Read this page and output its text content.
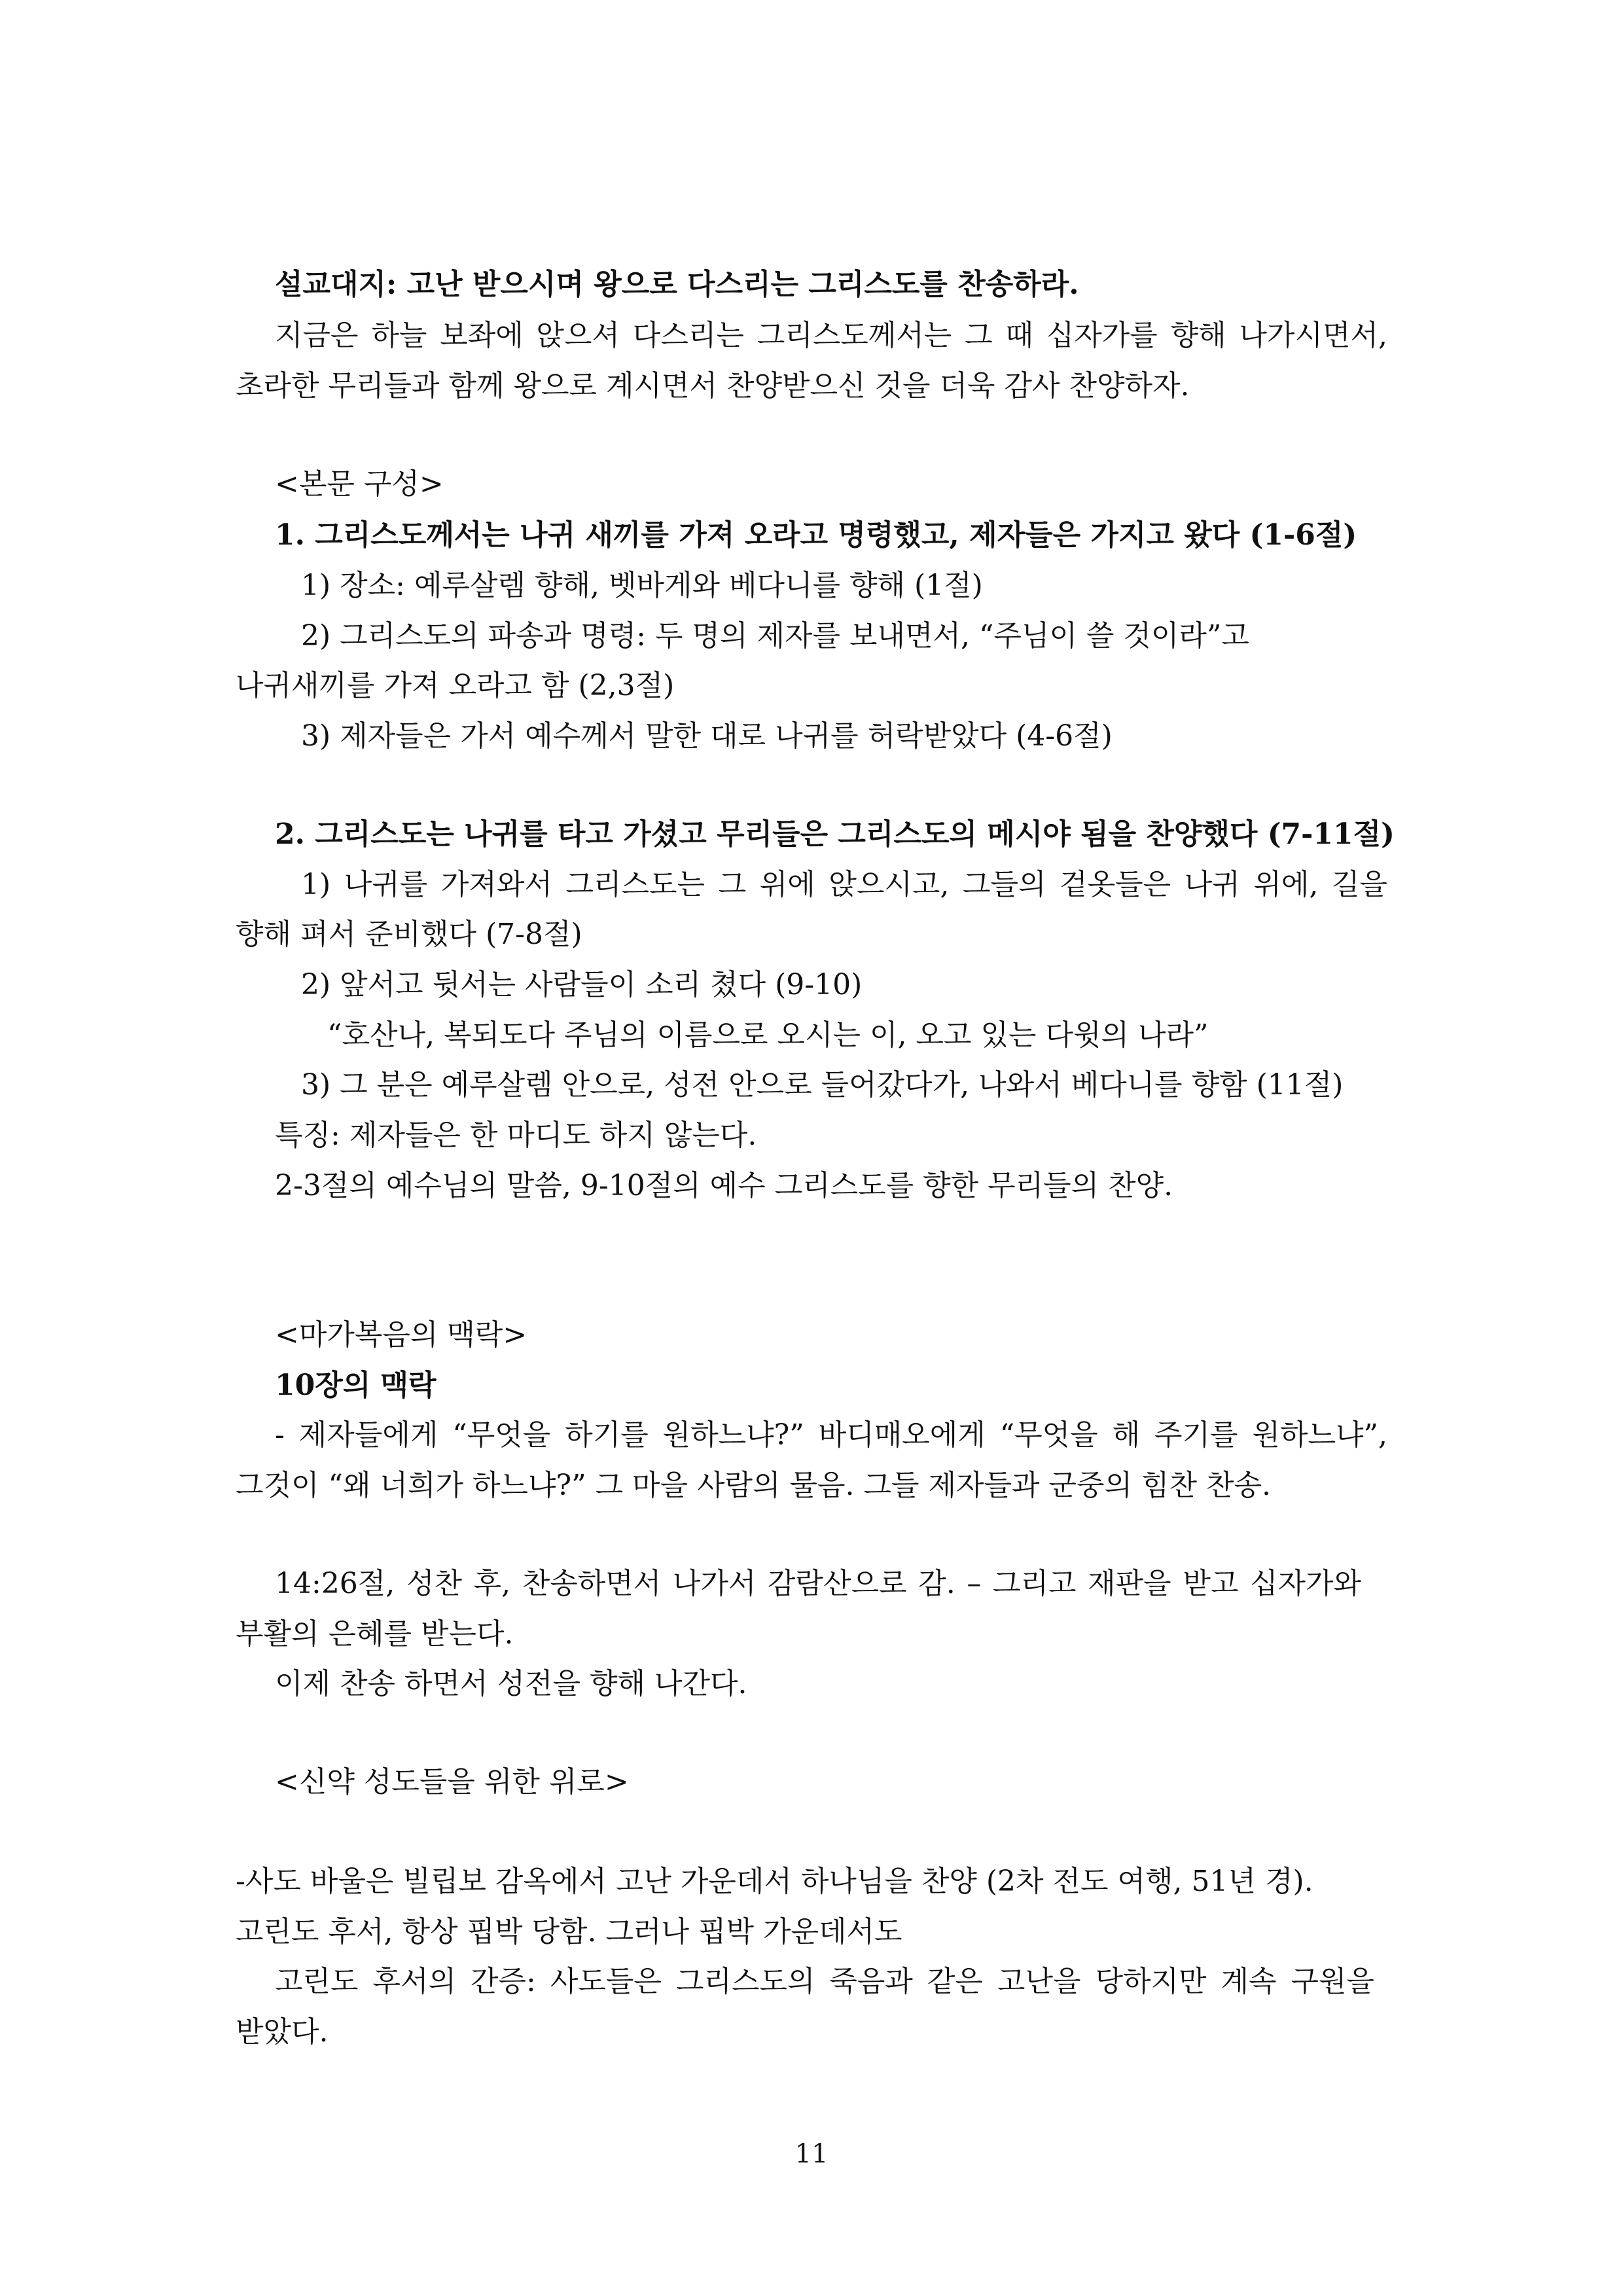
설교대지: 고난 받으시며 왕으로 다스리는 그리스도를 찬송하라.
지금은 하늘 보좌에 앉으셔 다스리는 그리스도께서는 그 때 십자가를 향해 나가시면서,
초라한 무리들과 함께 왕으로 계시면서 찬양받으신 것을 더욱 감사 찬양하자.
<본문 구성>
1. 그리스도께서는 나귀 새끼를 가져 오라고 명령했고, 제자들은 가지고 왔다 (1-6절)
1) 장소: 예루살렘 향해, 벳바게와 베다니를 향해 (1절)
2) 그리스도의 파송과 명령: 두 명의 제자를 보내면서, “주님이 쓸 것이라”고
나귀새끼를 가져 오라고 함 (2,3절)
3) 제자들은 가서 예수께서 말한 대로 나귀를 허락받았다 (4-6절)
2. 그리스도는 나귀를 타고 가셨고 무리들은 그리스도의 메시야 됨을 찬양했다 (7-11절)
1) 나귀를 가져와서 그리스도는 그 위에 앉으시고, 그들의 겉옷들은 나귀 위에, 길을
향해 펴서 준비했다 (7-8절)
2) 앞서고 뒷서는 사람들이 소리 쳤다 (9-10)
“호산나, 복되도다 주님의 이름으로 오시는 이, 오고 있는 다윗의 나라”
3) 그 분은 예루살렘 안으로, 성전 안으로 들어갔다가, 나와서 베다니를 향함 (11절)
특징: 제자들은 한 마디도 하지 않는다.
2-3절의 예수님의 말씀, 9-10절의 예수 그리스도를 향한 무리들의 찬양.
<마가복음의 맥락>
10장의 맥락
- 제자들에게 “무엇을 하기를 원하느냐?” 바디매오에게 “무엇을 해 주기를 원하느냐”,
그것이 “왜 너희가 하느냐?” 그 마을 사람의 물음. 그들 제자들과 군중의 힘찬 찬송.
14:26절, 성찬 후, 찬송하면서 나가서 감람산으로 감. – 그리고 재판을 받고 십자가와
부활의 은혜를 받는다.
이제 찬송 하면서 성전을 향해 나간다.
<신약 성도들을 위한 위로>
-사도 바울은 빌립보 감옥에서 고난 가운데서 하나님을 찬양 (2차 전도 여행, 51년 경).
고린도 후서, 항상 핍박 당함. 그러나 핍박 가운데서도
고린도 후서의 간증: 사도들은 그리스도의 죽음과 같은 고난을 당하지만 계속 구원을
받았다.
11
